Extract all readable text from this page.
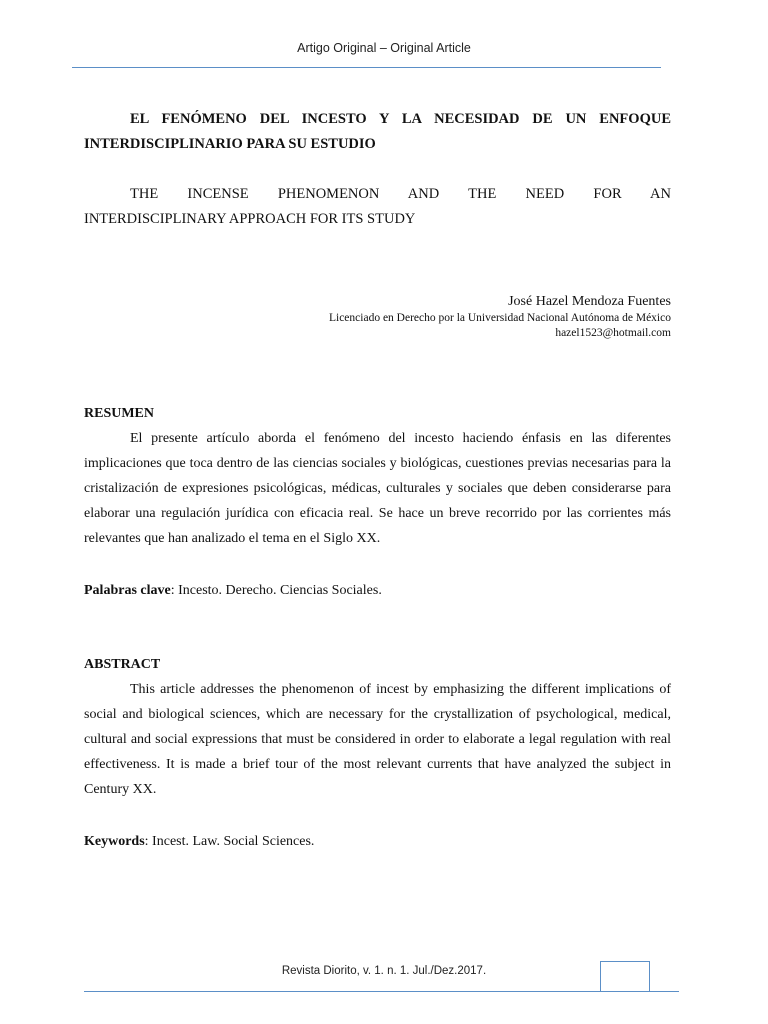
Artigo Original – Original Article
EL FENÓMENO DEL INCESTO Y LA NECESIDAD DE UN ENFOQUE
INTERDISCIPLINARIO PARA SU ESTUDIO
THE INCENSE PHENOMENON AND THE NEED FOR AN
INTERDISCIPLINARY APPROACH FOR ITS STUDY
José Hazel Mendoza Fuentes
Licenciado en Derecho por la Universidad Nacional Autónoma de México
hazel1523@hotmail.com
RESUMEN
El presente artículo aborda el fenómeno del incesto haciendo énfasis en las diferentes implicaciones que toca dentro de las ciencias sociales y biológicas, cuestiones previas necesarias para la cristalización de expresiones psicológicas, médicas, culturales y sociales que deben considerarse para elaborar una regulación jurídica con eficacia real. Se hace un breve recorrido por las corrientes más relevantes que han analizado el tema en el Siglo XX.
Palabras clave: Incesto. Derecho. Ciencias Sociales.
ABSTRACT
This article addresses the phenomenon of incest by emphasizing the different implications of social and biological sciences, which are necessary for the crystallization of psychological, medical, cultural and social expressions that must be considered in order to elaborate a legal regulation with real effectiveness. It is made a brief tour of the most relevant currents that have analyzed the subject in Century XX.
Keywords: Incest. Law. Social Sciences.
Revista Diorito, v. 1. n. 1. Jul./Dez.2017.
